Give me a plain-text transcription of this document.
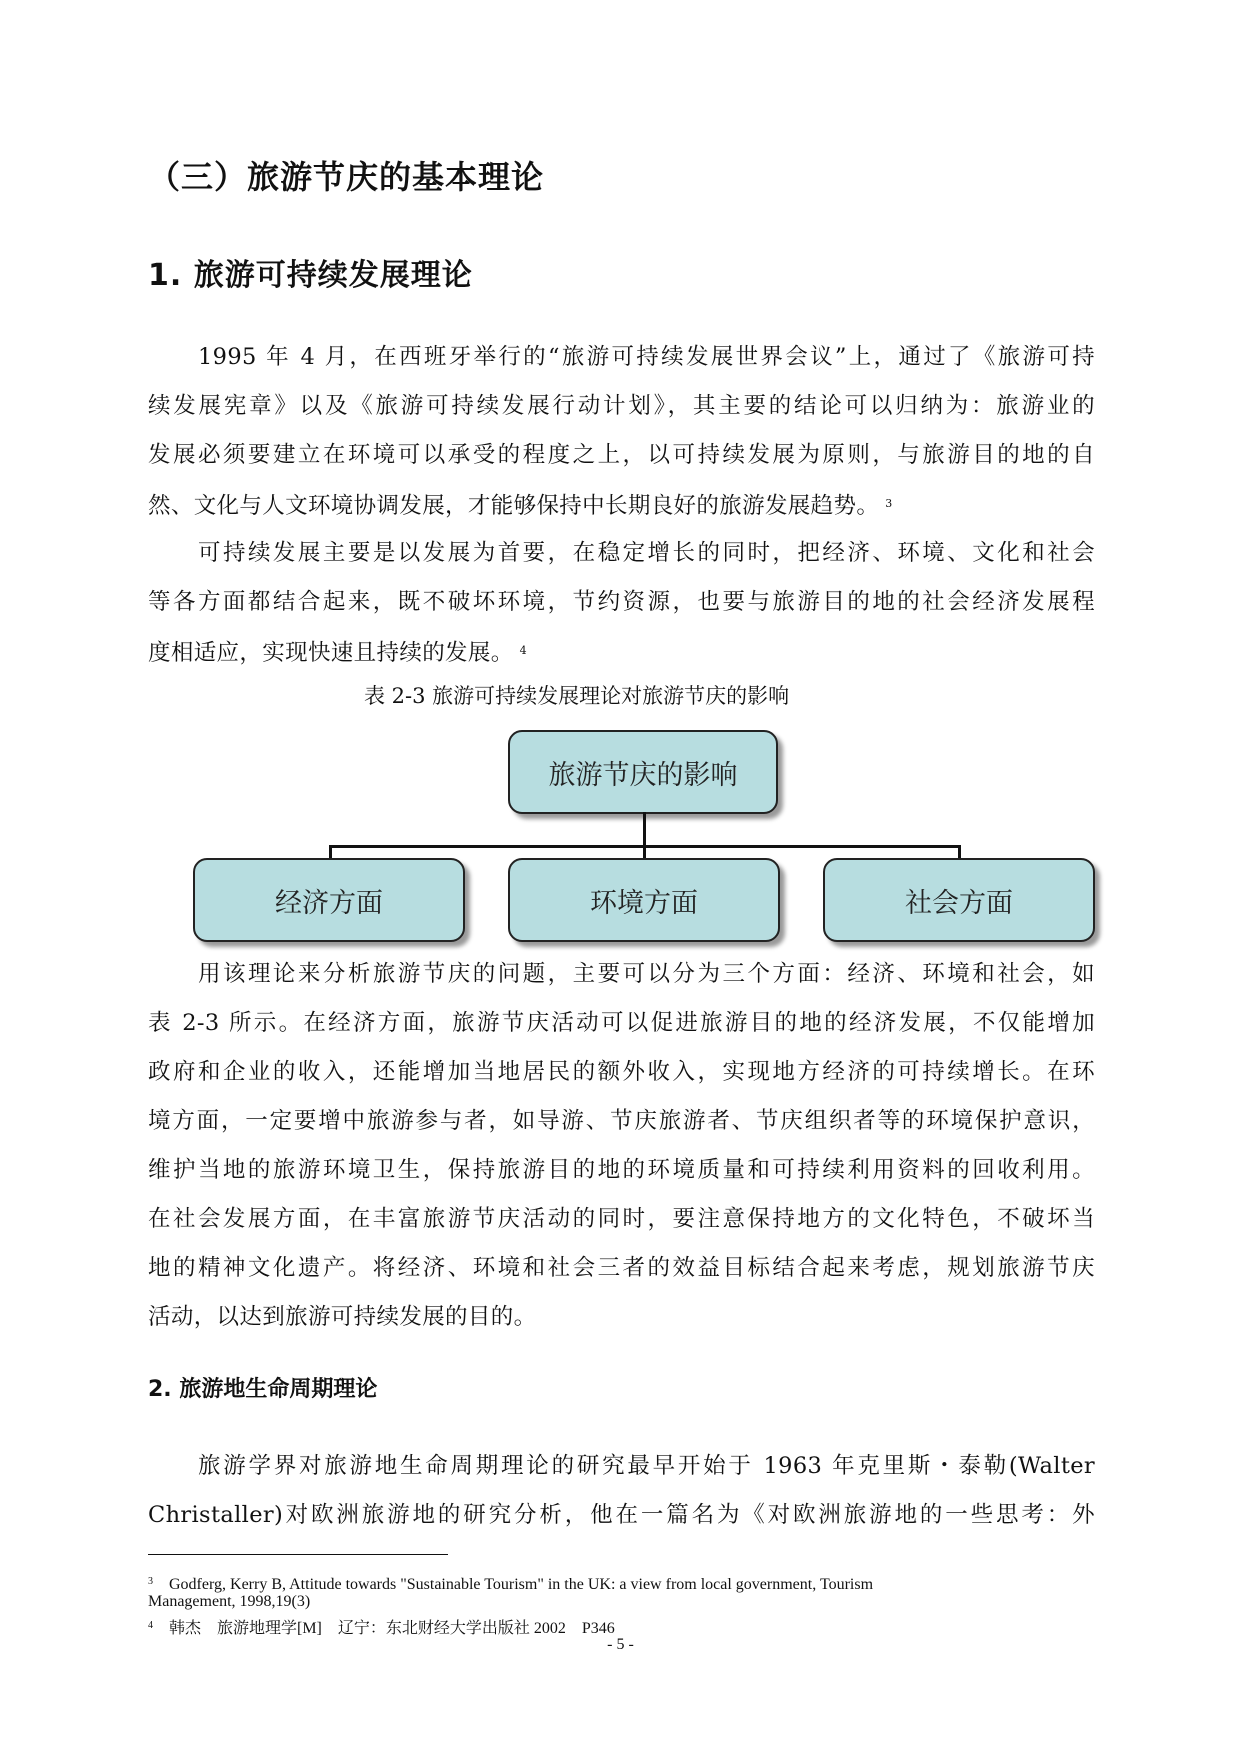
（三）旅游节庆的基本理论
1. 旅游可持续发展理论
1995 年 4 月，在西班牙举行的“旅游可持续发展世界会议”上，通过了《旅游可持
续发展宪章》以及《旅游可持续发展行动计划》，其主要的结论可以归纳为：旅游业的
发展必须要建立在环境可以承受的程度之上，以可持续发展为原则，与旅游目的地的自
然、文化与人文环境协调发展，才能够保持中长期良好的旅游发展趋势。 $^3$
可持续发展主要是以发展为首要，在稳定增长的同时，把经济、环境、文化和社会
等各方面都结合起来，既不破坏环境，节约资源，也要与旅游目的地的社会经济发展程
度相适应，实现快速且持续的发展。 $^4$
表 2-3 旅游可持续发展理论对旅游节庆的影响
旅游节庆的影响
经济方面	环境方面	社会方面
用该理论来分析旅游节庆的问题，主要可以分为三个方面：经济、环境和社会，如
表 2-3 所示。在经济方面，旅游节庆活动可以促进旅游目的地的经济发展，不仅能增加
政府和企业的收入，还能增加当地居民的额外收入，实现地方经济的可持续增长。在环
境方面，一定要增中旅游参与者，如导游、节庆旅游者、节庆组织者等的环境保护意识，
维护当地的旅游环境卫生，保持旅游目的地的环境质量和可持续利用资料的回收利用。
在社会发展方面，在丰富旅游节庆活动的同时，要注意保持地方的文化特色，不破坏当
地的精神文化遗产。将经济、环境和社会三者的效益目标结合起来考虑，规划旅游节庆
活动，以达到旅游可持续发展的目的。
2. 旅游地生命周期理论
旅游学界对旅游地生命周期理论的研究最早开始于 1963 年克里斯・泰勒(Walter
Christaller)对欧洲旅游地的研究分析，他在一篇名为《对欧洲旅游地的一些思考：外
$^3$ Godferg, Kerry B, Attitude towards "Sustainable Tourism" in the UK: a view from local government, Tourism
Management, 1998,19(3)
$^4$ 韩杰　旅游地理学[M]　辽宁：东北财经大学出版社 2002　P346
- 5 -
